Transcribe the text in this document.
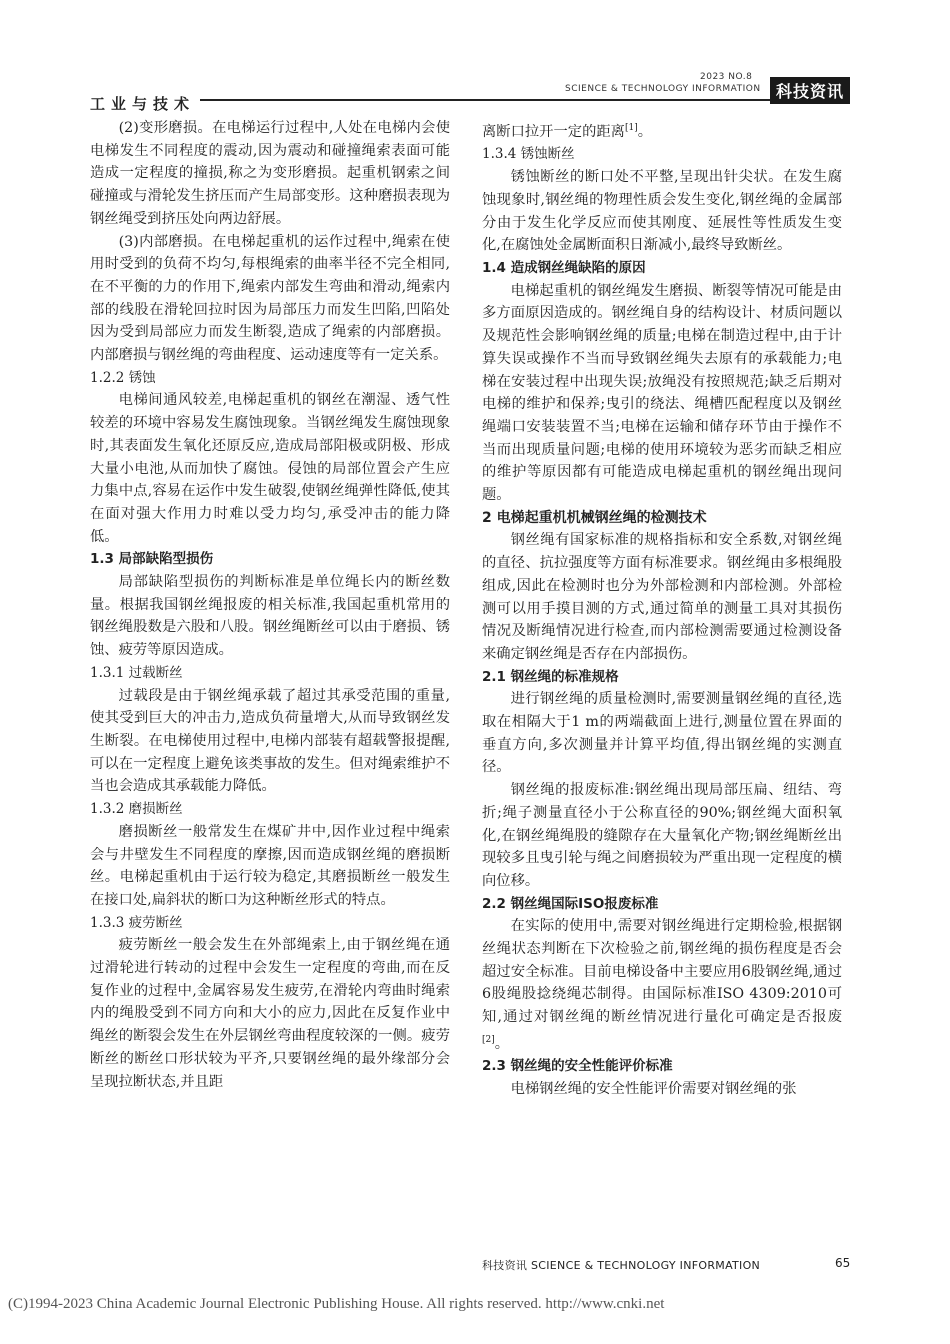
工业与技术
2023 NO.8
SCIENCE & TECHNOLOGY INFORMATION 科技资讯

(2)变形磨损。在电梯运行过程中,人处在电梯内会使电梯发生不同程度的震动,因为震动和碰撞绳索表面可能造成一定程度的撞损,称之为变形磨损。起重机钢索之间碰撞或与滑轮发生挤压而产生局部变形。这种磨损表现为钢丝绳受到挤压处向两边舒展。

(3)内部磨损。在电梯起重机的运作过程中,绳索在使用时受到的负荷不均匀,每根绳索的曲率半径不完全相同,在不平衡的力的作用下,绳索内部发生弯曲和滑动,绳索内部的线股在滑轮回拉时因为局部压力而发生凹陷,凹陷处因为受到局部应力而发生断裂,造成了绳索的内部磨损。内部磨损与钢丝绳的弯曲程度、运动速度等有一定关系。

1.2.2 锈蚀

电梯间通风较差,电梯起重机的钢丝在潮湿、透气性较差的环境中容易发生腐蚀现象。当钢丝绳发生腐蚀现象时,其表面发生氧化还原反应,造成局部阳极或阴极、形成大量小电池,从而加快了腐蚀。侵蚀的局部位置会产生应力集中点,容易在运作中发生破裂,使钢丝绳弹性降低,使其在面对强大作用力时难以受力均匀,承受冲击的能力降低。

1.3 局部缺陷型损伤

局部缺陷型损伤的判断标准是单位绳长内的断丝数量。根据我国钢丝绳报废的相关标准,我国起重机常用的钢丝绳股数是六股和八股。钢丝绳断丝可以由于磨损、锈蚀、疲劳等原因造成。

1.3.1 过载断丝

过载段是由于钢丝绳承载了超过其承受范围的重量,使其受到巨大的冲击力,造成负荷量增大,从而导致钢丝发生断裂。在电梯使用过程中,电梯内部装有超载警报提醒,可以在一定程度上避免该类事故的发生。但对绳索维护不当也会造成其承载能力降低。

1.3.2 磨损断丝

磨损断丝一般常发生在煤矿井中,因作业过程中绳索会与井壁发生不同程度的摩擦,因而造成钢丝绳的磨损断丝。电梯起重机由于运行较为稳定,其磨损断丝一般发生在接口处,扁斜状的断口为这种断丝形式的特点。

1.3.3 疲劳断丝

疲劳断丝一般会发生在外部绳索上,由于钢丝绳在通过滑轮进行转动的过程中会发生一定程度的弯曲,而在反复作业的过程中,金属容易发生疲劳,在滑轮内弯曲时绳索内的绳股受到不同方向和大小的应力,因此在反复作业中绳丝的断裂会发生在外层钢丝弯曲程度较深的一侧。疲劳断丝的断丝口形状较为平齐,只要钢丝绳的最外缘部分会呈现拉断状态,并且距

离断口拉开一定的距离[1]。

1.3.4 锈蚀断丝

锈蚀断丝的断口处不平整,呈现出针尖状。在发生腐蚀现象时,钢丝绳的物理性质会发生变化,钢丝绳的金属部分由于发生化学反应而使其刚度、延展性等性质发生变化,在腐蚀处金属断面积日渐减小,最终导致断丝。

1.4 造成钢丝绳缺陷的原因

电梯起重机的钢丝绳发生磨损、断裂等情况可能是由多方面原因造成的。钢丝绳自身的结构设计、材质问题以及规范性会影响钢丝绳的质量;电梯在制造过程中,由于计算失误或操作不当而导致钢丝绳失去原有的承载能力;电梯在安装过程中出现失误;放绳没有按照规范;缺乏后期对电梯的维护和保养;曳引的绕法、绳槽匹配程度以及钢丝绳端口安装装置不当;电梯在运输和储存环节由于操作不当而出现质量问题;电梯的使用环境较为恶劣而缺乏相应的维护等原因都有可能造成电梯起重机的钢丝绳出现问题。

2 电梯起重机机械钢丝绳的检测技术

钢丝绳有国家标准的规格指标和安全系数,对钢丝绳的直径、抗拉强度等方面有标准要求。钢丝绳由多根绳股组成,因此在检测时也分为外部检测和内部检测。外部检测可以用手摸目测的方式,通过简单的测量工具对其损伤情况及断绳情况进行检查,而内部检测需要通过检测设备来确定钢丝绳是否存在内部损伤。

2.1 钢丝绳的标准规格

进行钢丝绳的质量检测时,需要测量钢丝绳的直径,选取在相隔大于1 m的两端截面上进行,测量位置在界面的垂直方向,多次测量并计算平均值,得出钢丝绳的实测直径。

钢丝绳的报废标准:钢丝绳出现局部压扁、纽结、弯折;绳子测量直径小于公称直径的90%;钢丝绳大面积氧化,在钢丝绳绳股的缝隙存在大量氧化产物;钢丝绳断丝出现较多且曳引轮与绳之间磨损较为严重出现一定程度的横向位移。

2.2 钢丝绳国际ISO报废标准

在实际的使用中,需要对钢丝绳进行定期检验,根据钢丝绳状态判断在下次检验之前,钢丝绳的损伤程度是否会超过安全标准。目前电梯设备中主要应用6股钢丝绳,通过6股绳股捻绕绳芯制得。由国际标准ISO 4309:2010可知,通过对钢丝绳的断丝情况进行量化可确定是否报废[2]。

2.3 钢丝绳的安全性能评价标准

电梯钢丝绳的安全性能评价需要对钢丝绳的张

科技资讯 SCIENCE & TECHNOLOGY INFORMATION	65
(C)1994-2023 China Academic Journal Electronic Publishing House. All rights reserved. http://www.cnki.net
